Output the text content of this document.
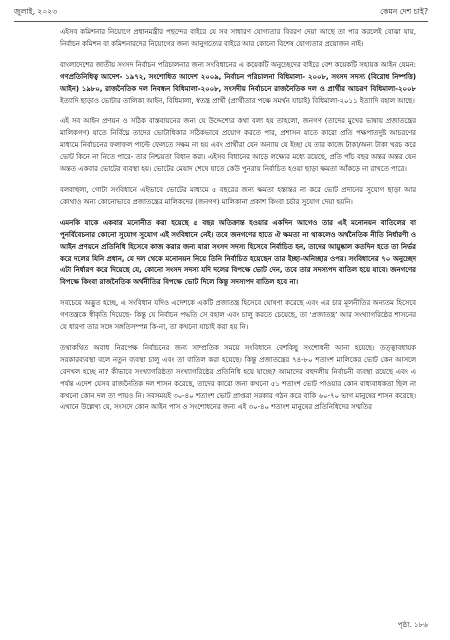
জুলাই, ২০২৩	কেমন দেশ চাই?

এইসব কমিশনার নিয়োগে প্রধানমন্ত্রীর পছন্দের বাইরে যে সব সাধারণ যোগ্যতার বিবরণ দেয়া আছে তা পার করলেই বোঝা যায়, নির্বাচন কমিশন বা কমিশনারদের নিয়োগের জন্য আনুগত্যের বাইরে আর কোনো বিশেষ যোগ্যতার প্রয়োজন নাই।

বাংলাদেশের জাতীয় সংসদ নির্বাচন পরিচালনার জন্য সংবিধানের এ কয়েকটি অনুচ্ছেদের বাইরে বেশ কয়েকটি সহায়ক আইন যেমন: গণপ্রতিনিধিত্ব আদেশ- ১৯৭২, সংশোধিত আদেশ ২০০৯, নির্বাচন পরিচালনা বিধিমালা- ২০০৮, সংসদ সদস্য (বিরোধ নিষ্পত্তি) আইন) ১৯৮০, রাজনৈতিক দল নিবন্ধন বিধিমালা-২০০৮, সংসদীয় নির্বাচনে রাজনৈতিক দল ও প্রার্থীর আচরণ বিধিমালা-২০০৮ ইত্যাদি ছাড়াও ভোটার তালিকা আইন, বিধিমালা, স্বতন্ত্র প্রার্থী (প্রার্থীতার পক্ষে সমর্থন যাচাই) বিধিমালা-২০১১ ইত্যাদি বহাল আছে।

এই সব আইন প্রণয়ন ও সঠিক বাস্তবায়নের জন্য যে উদ্দেশ্যের কথা বলা হয় তাহলো, জনগণ (তাদের মুখের ভাষায় প্রজাতন্ত্রের মালিকগণ) যাতে নির্বিঘ্নে তাদের ভোটাধিকার সঠিকভাবে প্রয়োগ করতে পার, প্রশাসন যাতে কারো প্রতি পক্ষপাতদুষ্ট আচরণের মাধ্যমে নির্বাচনের ফলাফল পাল্টে ফেলতে সক্ষম না হয় এবং প্রার্থীরা যেন অন্যায় যে ইচ্ছা যে তার কাজে টাকা/অন্য টাকা খরচ করে ভোট কিনে না নিতে পারে- তার নিশ্চয়তা বিধান করা। এইসব বিধানের আড়ে লক্ষ্যের মধ্যে রয়েছে, প্রতি পাঁচ বছর অন্তর অন্তর যেন অন্তত একবার ভোটের ব্যবস্থা হয়। ভোটের মেয়াদ শেষে যাতে কেউ পুনরায় নির্বাচিত হওয়া ছাড়া ক্ষমতা আঁকড়ে না রাখতে পারে।

বলবাহুল্য, গোটা সংবিধানে এইভাবে ভোটের মাধ্যমে ৫ বছরের জন্য ক্ষমতা হস্তান্তর না করে ভোট প্রদানের সুযোগ ছাড়া আর কোথাও অন্য কোনোভাবে প্রজাতন্ত্রের মালিকদের (জনগণ) মালিকানা প্রকাশ কিংবা চর্চার সুযোগ দেয়া হয়নি।

এমনকি যাকে একবার মনোনীত করা হয়েছে ৫ বছর অতিক্রান্ত হওয়ার একদিন আগেও তার এই মনোনয়ন বাতিলের বা পুনর্বিবেচনার কোনো সুযোগ সুযোগ এই সংবিধানে নেই। তবে জনগণের হাতে ঐ ক্ষমতা না থাকলেও অর্থনৈতিক নীতি নির্ধারণী ও আইন প্রণয়নে প্রতিনিধি হিসেবে কাজ করার জন্য যারা সংসদ সদস্য হিসেবে নির্বাচিত হন, তাদের আয়ুষ্কাল কতদিন হতে তা নির্ভর করে দলের যিনি প্রধান, যে দল থেকে মনোনয়ন নিয়ে তিনি নির্বাচিত হয়েছেন তার ইচ্ছা-অনিচ্ছার ওপর। সংবিধানের ৭০ অনুচ্ছেদ এটা নির্ধারণ করে দিয়েছে যে, কোনো সংসদ সদস্য যদি দলের বিপক্ষে ভোট দেন, তবে তার সদস্যপদ বাতিল হয়ে যাবে। জনগণের বিপক্ষে কিংবা রাজনৈতিক অর্থনীতির বিপক্ষে ভোট দিলে কিন্তু সদস্যপদ বাতিল হবে না।

সবচেয়ে অদ্ভুত হচ্ছে, এ সংবিধান যদিও এদেশকে একটি প্রজাতন্ত্র হিসেবে ঘোষণা করেছে এবং এর চার মূলনীতির অন্যতম হিসেবে গণতন্ত্রকে স্বীকৃতি দিয়েছে- কিন্তু যে নির্বাচন পদ্ধতি সে বহাল এবং চালু করতে চেয়েছে, তা ‘প্রজাতন্ত্র’ আর সংখ্যাগরিষ্ঠের শাসনের যে ধারণা তার সঙ্গে সঙ্গতিসম্পন্ন কি-না, তা কখনো যাচাই করা হয় নি।

তথাকথিত অবাধ নিরপেক্ষ নির্বাচনের জন্য সাম্প্রতিক সময়ে সংবিধানে বেশকিছু সংশোধনী আনা হয়েছে। তত্ত্বাবধায়ক সরকারব্যবস্থা বলে নতুন ব্যবস্থা চালু এবং তা বাতিল করা হয়েছে। কিন্তু প্রজাতন্ত্রের ৭৪-৮০ শতাংশ মালিকের ভোট কেন আসলে বেদখল হচ্ছে না? কীভাবে সংখ্যাগরিষ্ঠতা সংখ্যাগরিষ্ঠের প্রতিনিধি হয়ে যাচ্ছে? আমাদের বহুদলীয় নির্বাচনী ব্যবস্থা রয়েছে এবং এ পর্যন্ত এদেশ যেসব রাজনৈতিক দল শাসন করেছে, তাদের কারো জন্য কখনো ৫১ শতাংশ ভোট পাওয়ার কোন বাধ্যবাধকতা ছিল না কখনো কোন দল তা পায়ও নি। সবসময়ই ৩০-৪০ শতাংশ ভোট প্রাপ্তরা সরকার গঠন করে বাকি ৬০-৭০ ভাগ মানুষের শাসন করেছে। এখানে উল্লেখ্য যে, সংসদে কোন আইন পাস ও সংশোধনের জন্য এই ৩০-৪০ শতাংশ মানুষের প্রতিনিধিদের সম্মতির

পৃষ্ঠা. ১৮৬
